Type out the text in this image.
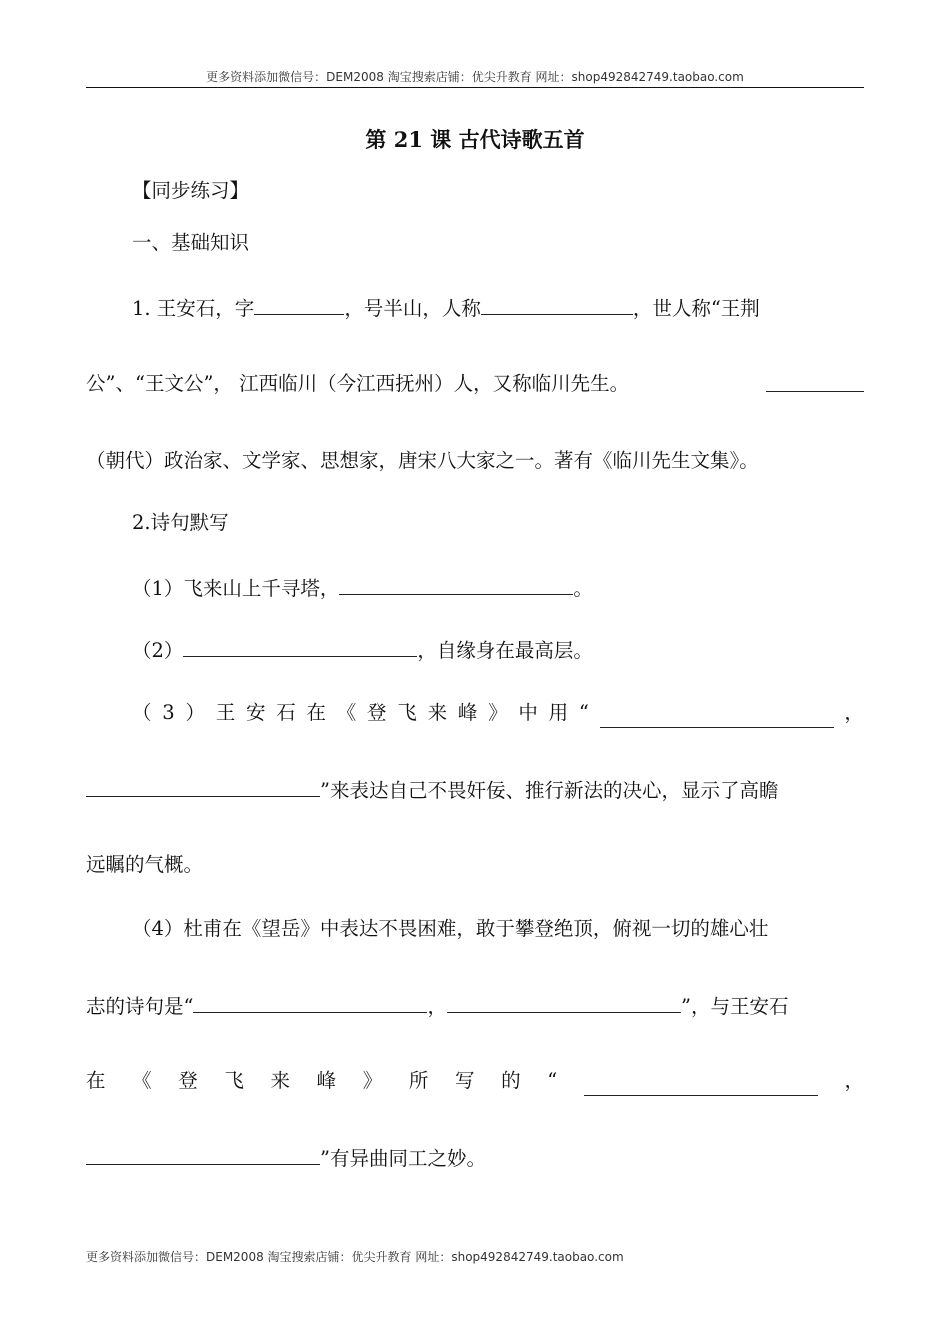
更多资料添加微信号：DEM2008 淘宝搜索店铺：优尖升教育 网址：shop492842749.taobao.com
第 21 课 古代诗歌五首
【同步练习】
一、基础知识
1. 王安石，字	，号半山，人称	，世人称“王荆
公”、“王文公”， 江西临川（今江西抚州）人，又称临川先生。
（朝代）政治家、文学家、思想家，唐宋八大家之一。著有《临川先生文集》。
2.诗句默写
（1）飞来山上千寻塔，	。
（2）	，自缘身在最高层。
（ 3 ） 王 安 石 在 《 登 飞 来 峰 》 中 用 “	，
”来表达自己不畏奸佞、推行新法的决心，显示了高瞻
远瞩的气概。
（4）杜甫在《望岳》中表达不畏困难，敢于攀登绝顶，俯视一切的雄心壮
志的诗句是“	，	”，与王安石
在 《 登 飞 来 峰 》 所 写 的 “	，
”有异曲同工之妙。
更多资料添加微信号：DEM2008 淘宝搜索店铺：优尖升教育 网址：shop492842749.taobao.com
